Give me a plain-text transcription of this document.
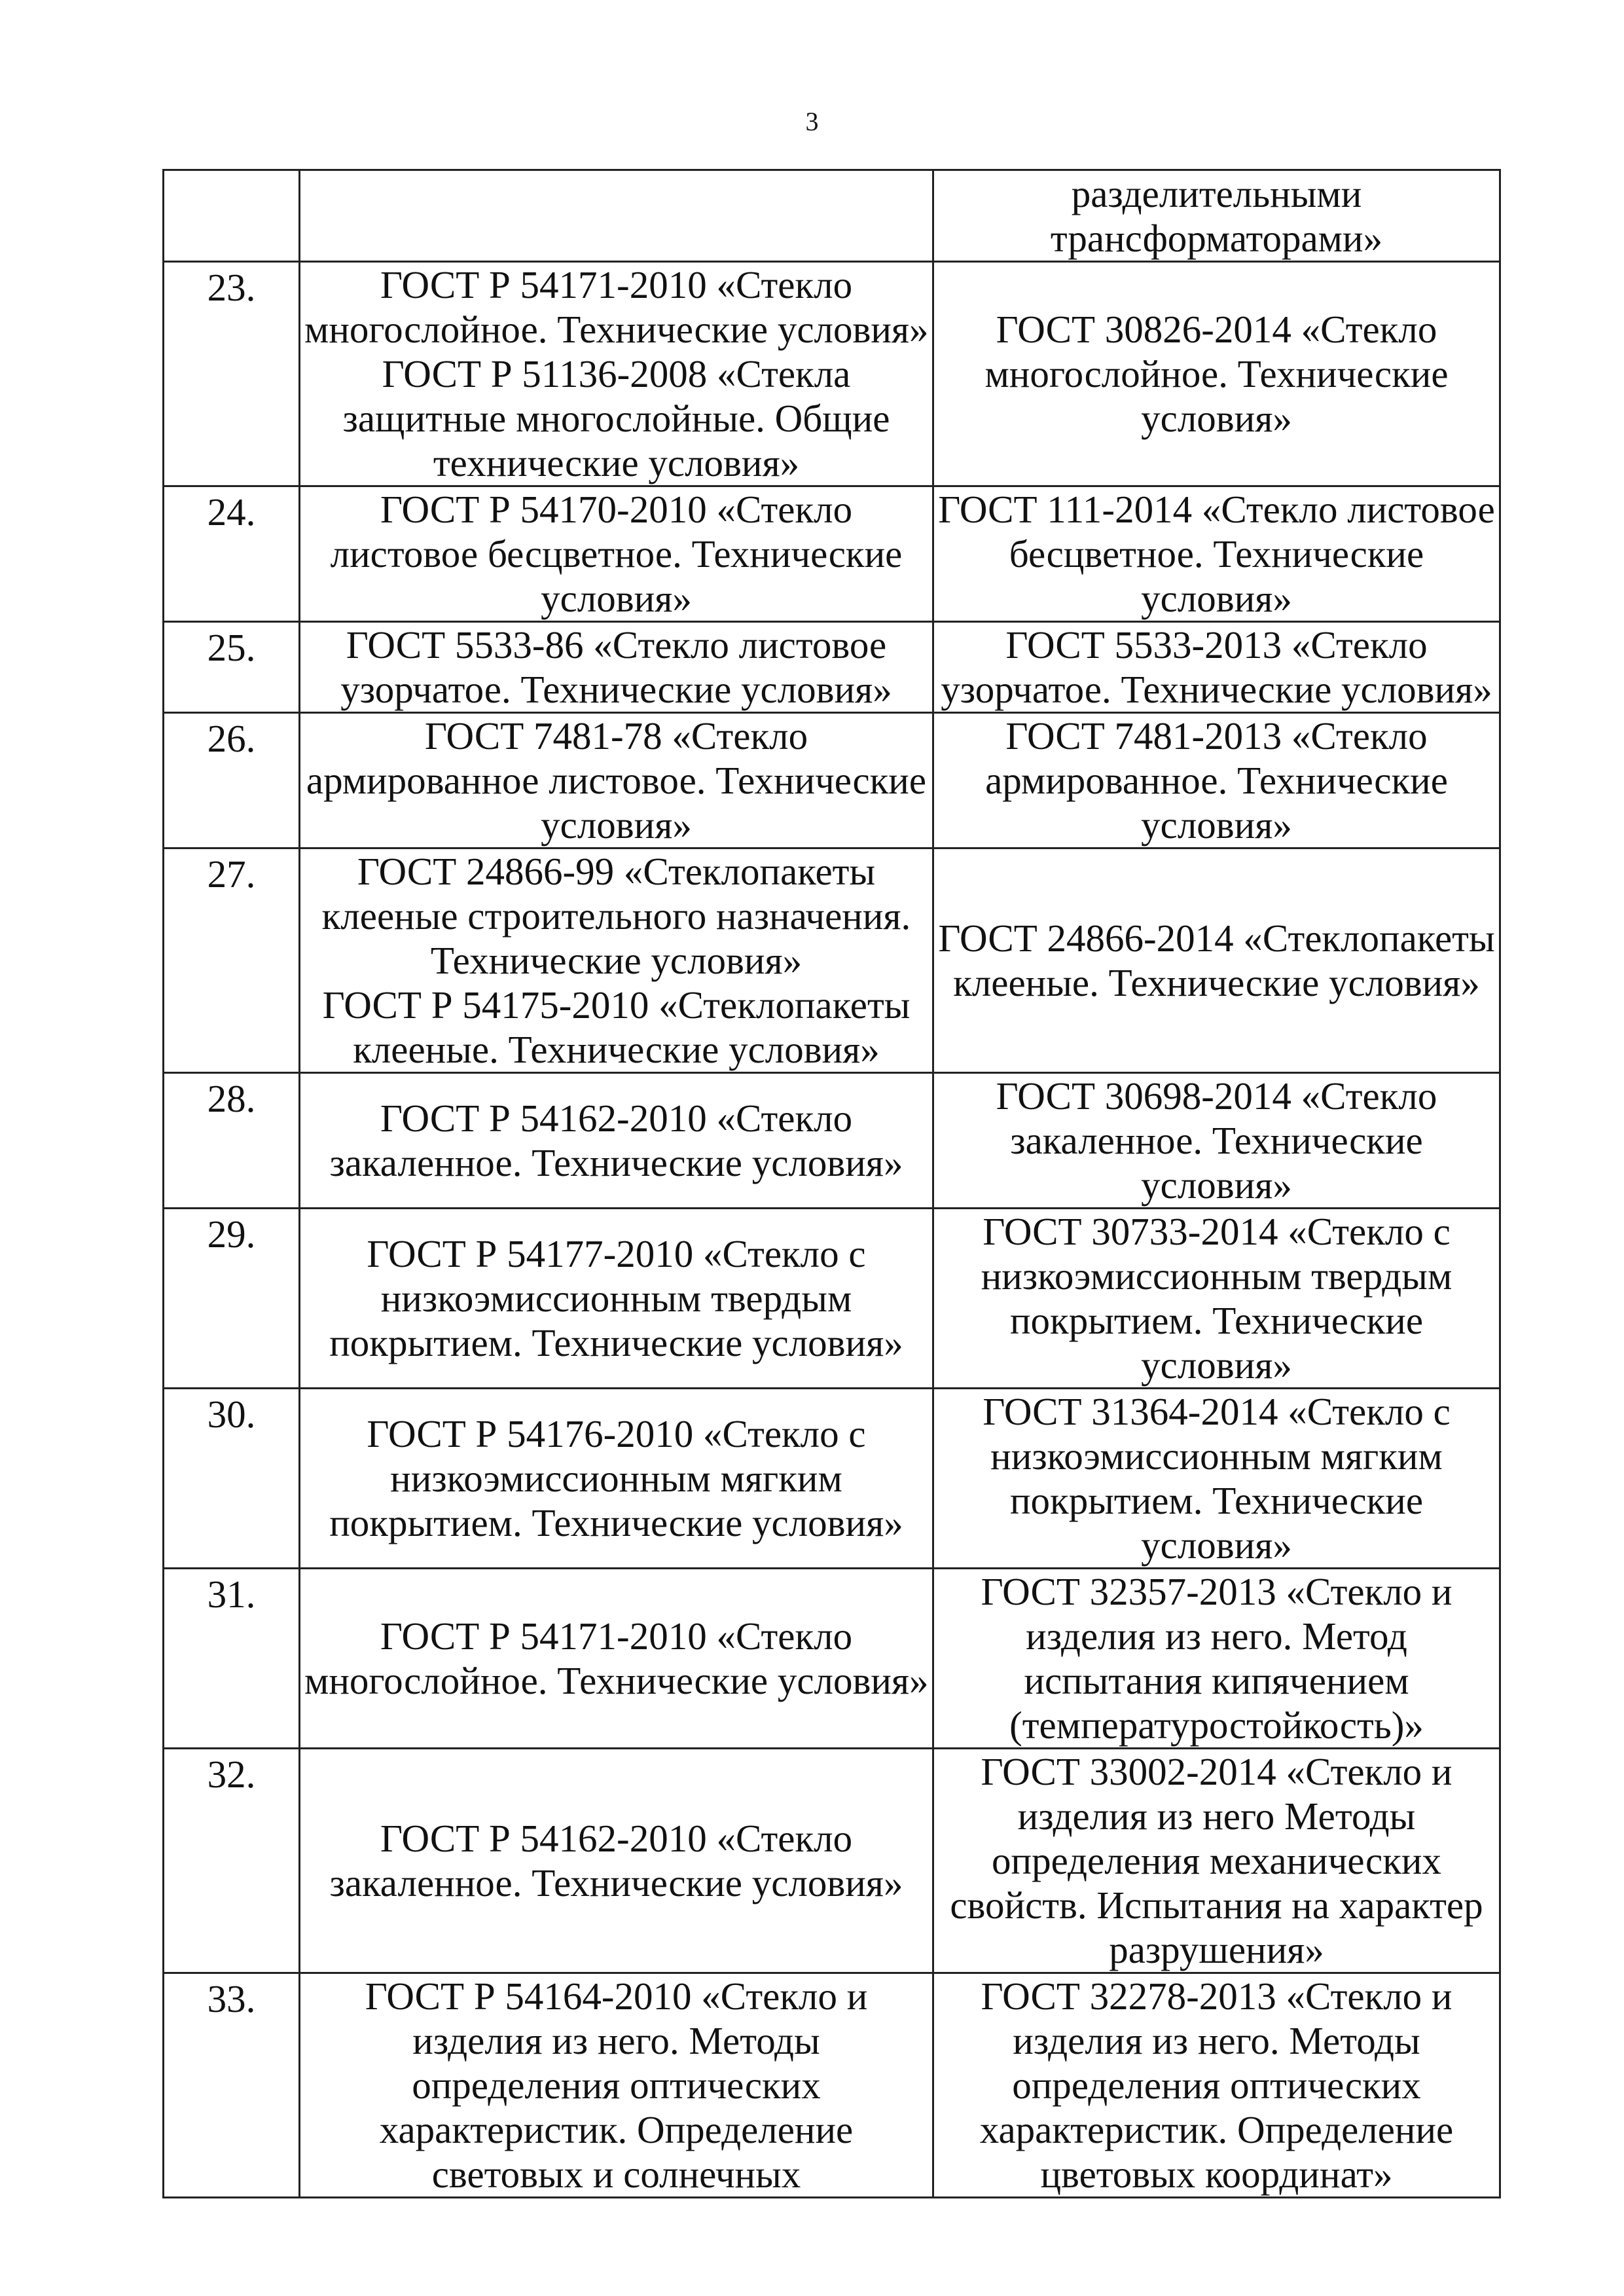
3

		разделительными
трансформаторами»

23.	ГОСТ Р 54171-2010 «Стекло
многослойное. Технические условия»
ГОСТ Р 51136-2008 «Стекла
защитные многослойные. Общие
технические условия»	ГОСТ 30826-2014 «Стекло
многослойное. Технические
условия»

24.	ГОСТ Р 54170-2010 «Стекло
листовое бесцветное. Технические
условия»	ГОСТ 111-2014 «Стекло листовое
бесцветное. Технические
условия»

25.	ГОСТ 5533-86 «Стекло листовое
узорчатое. Технические условия»	ГОСТ 5533-2013 «Стекло
узорчатое. Технические условия»

26.	ГОСТ 7481-78 «Стекло
армированное листовое. Технические
условия»	ГОСТ 7481-2013 «Стекло
армированное. Технические
условия»

27.	ГОСТ 24866-99 «Стеклопакеты
клееные строительного назначения.
Технические условия»
ГОСТ Р 54175-2010 «Стеклопакеты
клееные. Технические условия»	ГОСТ 24866-2014 «Стеклопакеты
клееные. Технические условия»

28.	ГОСТ Р 54162-2010 «Стекло
закаленное. Технические условия»	ГОСТ 30698-2014 «Стекло
закаленное. Технические
условия»

29.	ГОСТ Р 54177-2010 «Стекло с
низкоэмиссионным твердым
покрытием. Технические условия»	ГОСТ 30733-2014 «Стекло с
низкоэмиссионным твердым
покрытием. Технические
условия»

30.	ГОСТ Р 54176-2010 «Стекло с
низкоэмиссионным мягким
покрытием. Технические условия»	ГОСТ 31364-2014 «Стекло с
низкоэмиссионным мягким
покрытием. Технические
условия»

31.	ГОСТ Р 54171-2010 «Стекло
многослойное. Технические условия»	ГОСТ 32357-2013 «Стекло и
изделия из него. Метод
испытания кипячением
(температуростойкость)»

32.	ГОСТ Р 54162-2010 «Стекло
закаленное. Технические условия»	ГОСТ 33002-2014 «Стекло и
изделия из него Методы
определения механических
свойств. Испытания на характер
разрушения»

33.	ГОСТ Р 54164-2010 «Стекло и
изделия из него. Методы
определения оптических
характеристик. Определение
световых и солнечных	ГОСТ 32278-2013 «Стекло и
изделия из него. Методы
определения оптических
характеристик. Определение
цветовых координат»
